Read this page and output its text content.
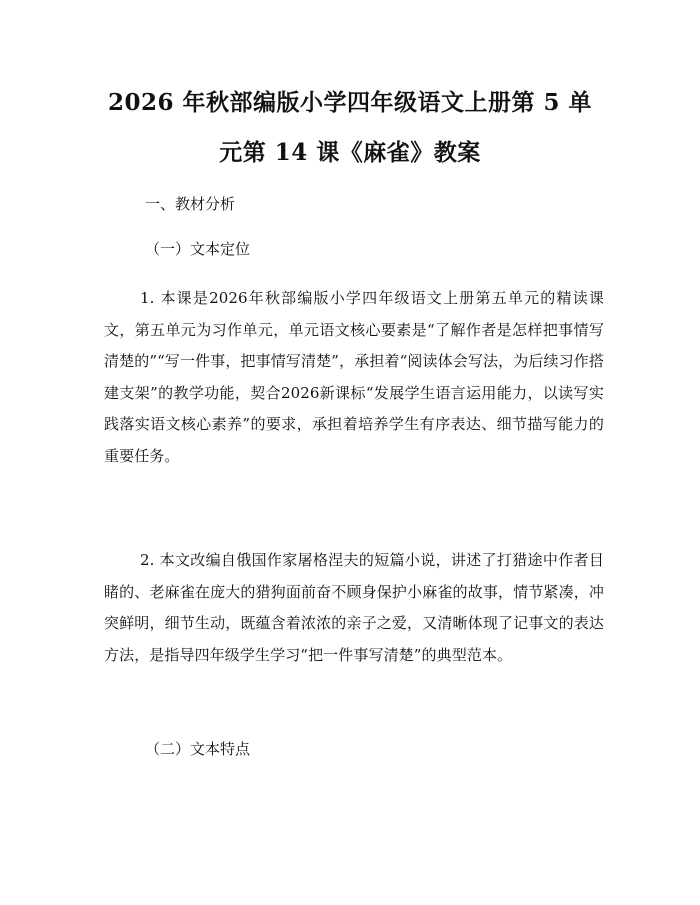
2026 年秋部编版小学四年级语文上册第 5 单
元第 14 课《麻雀》教案

一、教材分析

（一）文本定位

1. 本课是2026年秋部编版小学四年级语文上册第五单元的精读课文，第五单元为习作单元，单元语文核心要素是“了解作者是怎样把事情写清楚的”“写一件事，把事情写清楚”，承担着“阅读体会写法，为后续习作搭建支架”的教学功能，契合2026新课标“发展学生语言运用能力，以读写实践落实语文核心素养”的要求，承担着培养学生有序表达、细节描写能力的重要任务。

2. 本文改编自俄国作家屠格涅夫的短篇小说，讲述了打猎途中作者目睹的、老麻雀在庞大的猎狗面前奋不顾身保护小麻雀的故事，情节紧凑，冲突鲜明，细节生动，既蕴含着浓浓的亲子之爱，又清晰体现了记事文的表达方法，是指导四年级学生学习“把一件事写清楚”的典型范本。

（二）文本特点
